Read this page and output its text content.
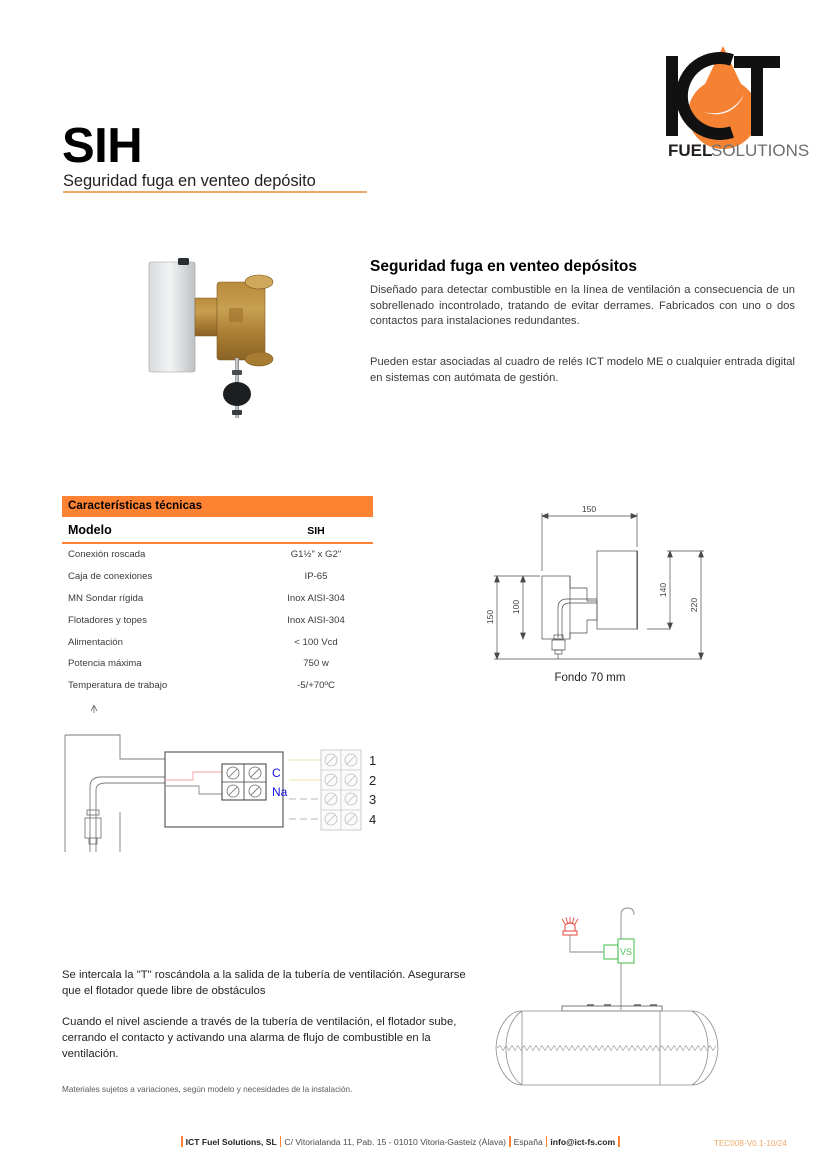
FUEL
SOLUTIONS
SIH
Seguridad fuga en venteo depósito
Seguridad fuga en venteo depósitos
Diseñado para detectar combustible en la línea de ventilación a consecuencia de un sobrellenado incontrolado, tratando de evitar derrames. Fabricados con uno o dos contactos para instalaciones redundantes.
Pueden estar asociadas al cuadro de relés ICT modelo ME o cualquier entrada digital en sistemas con autómata de gestión.
Características técnicas
Modelo	SIH
Conexión roscada	G1½" x G2"
Caja de conexiones	IP-65
MN Sondar rígida	Inox AISI-304
Flotadores y topes	Inox AISI-304
Alimentación	< 100 Vcd
Potencia máxima	750 w
Temperatura de trabajo	-5/+70ºC
150
150
100
140
220
Fondo 70 mm
C
Na
1
2
3
4
VS
Se intercala la "T" roscándola a la salida de la tubería de ventilación. Asegurarse que el flotador quede libre de obstáculos
Cuando el nivel asciende a través de la tubería de ventilación, el flotador sube, cerrando el contacto y activando una alarma de flujo de combustible en la ventilación.
Materiales sujetos a variaciones, según modelo y necesidades de la instalación.
ICT Fuel Solutions, SL C/ Vitorialanda 11, Pab. 15 - 01010 Vitoria-Gasteiz (Álava) España info@ict-fs.com	TEC008-V0.1-10/24
